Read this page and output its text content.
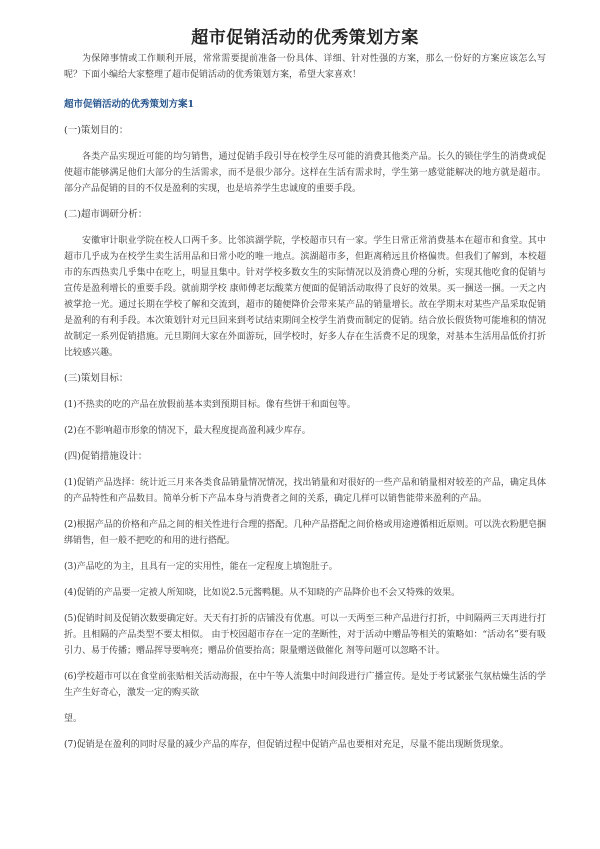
超市促销活动的优秀策划方案

为保障事情或工作顺利开展，常常需要提前准备一份具体、详细、针对性强的方案，那么一份好的方案应该怎么写呢？下面小编给大家整理了超市促销活动的优秀策划方案，希望大家喜欢！

超市促销活动的优秀策划方案1

(一)策划目的：

各类产品实现近可能的均匀销售，通过促销手段引导在校学生尽可能的消费其他类产品。长久的锁住学生的消费或促使超市能够满足他们大部分的生活需求，而不是很少部分。这样在生活有需求时，学生第一感觉能解决的地方就是超市。部分产品促销的目的不仅是盈利的实现，也是培养学生忠诚度的重要手段。

(二)超市调研分析：

安徽审计职业学院在校人口两千多。比邻滨湖学院，学校超市只有一家。学生日常正常消费基本在超市和食堂。其中超市几乎成为在校学生卖生活用品和日常小吃的唯一地点。滨湖超市多，但距离稍远且价格偏贵。但我们了解到，本校超市的东西热卖几乎集中在吃上，明显且集中。针对学校多数女生的实际情况以及消费心理的分析，实现其他吃食的促销与宣传是盈利增长的重要手段。就前期学校 康师傅老坛酸菜方便面的促销活动取得了良好的效果。买一捆送一捆。一天之内被掌抢一光。通过长期在学校了解和交流到，超市的随便降价会带来某产品的销量增长。故在学期末对某些产品采取促销是盈利的有利手段。本次策划针对元旦回来到考试结束期间全校学生消费而制定的促销。结合放长假货物可能堆积的情况故制定一系列促销措施。元旦期间大家在外面游玩，回学校时，好多人存在生活费不足的现象，对基本生活用品低价打折比较感兴趣。

(三)策划目标：

(1)不热卖的吃的产品在放假前基本卖到预期目标。像有些饼干和面包等。

(2)在不影响超市形象的情况下，最大程度提高盈利减少库存。

(四)促销措施设计：

(1)促销产品选择：统计近三月来各类食品销量情况情况，找出销量和对很好的一些产品和销量相对较差的产品，确定具体的产品特性和产品数目。简单分析下产品本身与消费者之间的关系，确定几样可以销售能带来盈利的产品。

(2)根据产品的价格和产品之间的相关性进行合理的搭配。几种产品搭配之间价格或用途遵循相近原则。可以洗衣粉肥皂捆绑销售，但一般不把吃的和用的进行搭配。

(3)产品吃的为主，且具有一定的实用性，能在一定程度上填饱肚子。

(4)促销的产品要一定被人所知晓，比如说2.5元酱鸭腿。从不知晓的产品降价也不会又特殊的效果。

(5)促销时间及促销次数要确定好。天天有打折的店铺没有优惠。可以一天两至三种产品进行打折，中间隔两三天再进行打折。且相隔的产品类型不要太相似。 由于校园超市存在一定的垄断性，对于活动中赠品等相关的策略如：“活动名”要有吸引力、易于传播；赠品挥导要响亮；赠品价值要抬高；限量赠送做催化 剂等问题可以忽略不计。

(6)学校超市可以在食堂前张贴相关活动海报，在中午等人流集中时间段进行广播宣传。是处于考试紧张气氛枯燥生活的学生产生好奇心，激发一定的购买欲

望。

(7)促销是在盈利的同时尽量的减少产品的库存，但促销过程中促销产品也要相对充足，尽量不能出现断货现象。
